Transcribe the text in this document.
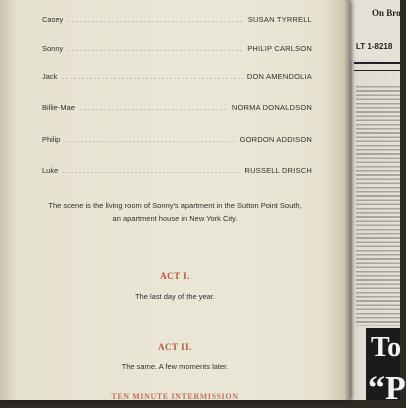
On Bro
LT 1-8218
To
“P
Casey	SUSAN TYRRELL
Sonny	PHILIP CARLSON
Jack	DON AMENDOLIA
Billie-Mae	NORMA DONALDSON
Philip	GORDON ADDISON
Luke	RUSSELL DRISCH
The scene is the living room of Sonny's apartment in the Sutton Point South,
an apartment house in New York City.
ACT I.
The last day of the year.
ACT II.
The same. A few moments later.
TEN MINUTE INTERMISSION
